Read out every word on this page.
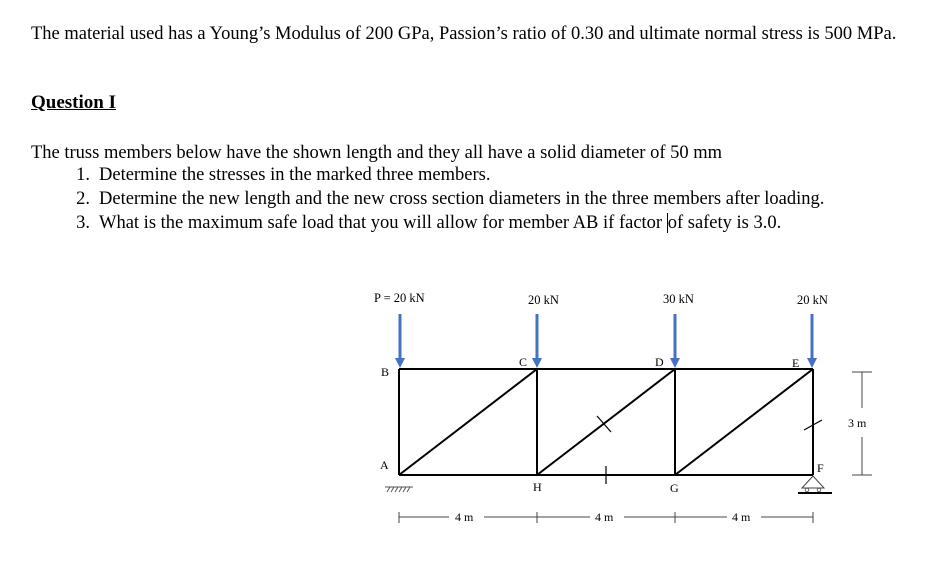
The material used has a Young’s Modulus of 200 GPa, Passion’s ratio of 0.30 and ultimate normal stress is 500 MPa.
Question I
The truss members below have the shown length and they all have a solid diameter of 50 mm
1. Determine the stresses in the marked three members.
2. Determine the new length and the new cross section diameters in the three members after loading.
3. What is the maximum safe load that you will allow for member AB if factor of safety is 3.0.
P = 20 kN	20 kN	30 kN	20 kN
B
A
C	D	E
H	G
F
4 m	4 m	4 m
3 m
